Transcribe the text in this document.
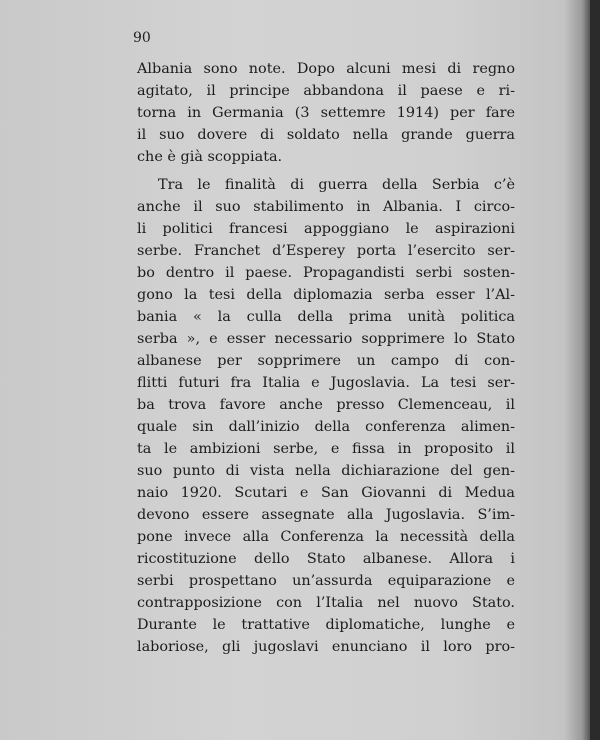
90
Albania sono note. Dopo alcuni mesi di regno
agitato, il principe abbandona il paese e ri-
torna in Germania (3 settemre 1914) per fare
il suo dovere di soldato nella grande guerra
che è già scoppiata.
Tra le finalità di guerra della Serbia c’è
anche il suo stabilimento in Albania. I circo-
li politici francesi appoggiano le aspirazioni
serbe. Franchet d’Esperey porta l’esercito ser-
bo dentro il paese. Propagandisti serbi sosten-
gono la tesi della diplomazia serba esser l’Al-
bania « la culla della prima unità politica
serba », e esser necessario sopprimere lo Stato
albanese per sopprimere un campo di con-
flitti futuri fra Italia e Jugoslavia. La tesi ser-
ba trova favore anche presso Clemenceau, il
quale sin dall’inizio della conferenza alimen-
ta le ambizioni serbe, e fissa in proposito il
suo punto di vista nella dichiarazione del gen-
naio 1920. Scutari e San Giovanni di Medua
devono essere assegnate alla Jugoslavia. S’im-
pone invece alla Conferenza la necessità della
ricostituzione dello Stato albanese. Allora i
serbi prospettano un’assurda equiparazione e
contrapposizione con l’Italia nel nuovo Stato.
Durante le trattative diplomatiche, lunghe e
laboriose, gli jugoslavi enunciano il loro pro-
